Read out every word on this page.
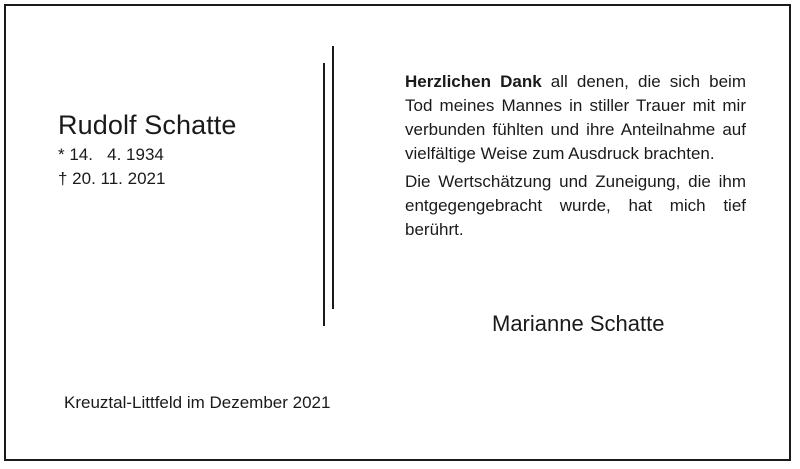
Rudolf Schatte
* 14.   4. 1934
† 20. 11. 2021

Herzlichen Dank all denen, die sich beim Tod meines Mannes in stiller Trauer mit mir verbunden fühlten und ihre Anteilnahme auf vielfältige Weise zum Ausdruck brachten.

Die Wertschätzung und Zuneigung, die ihm entgegengebracht wurde, hat mich tief berührt.

Marianne Schatte
Kreuztal-Littfeld im Dezember 2021
